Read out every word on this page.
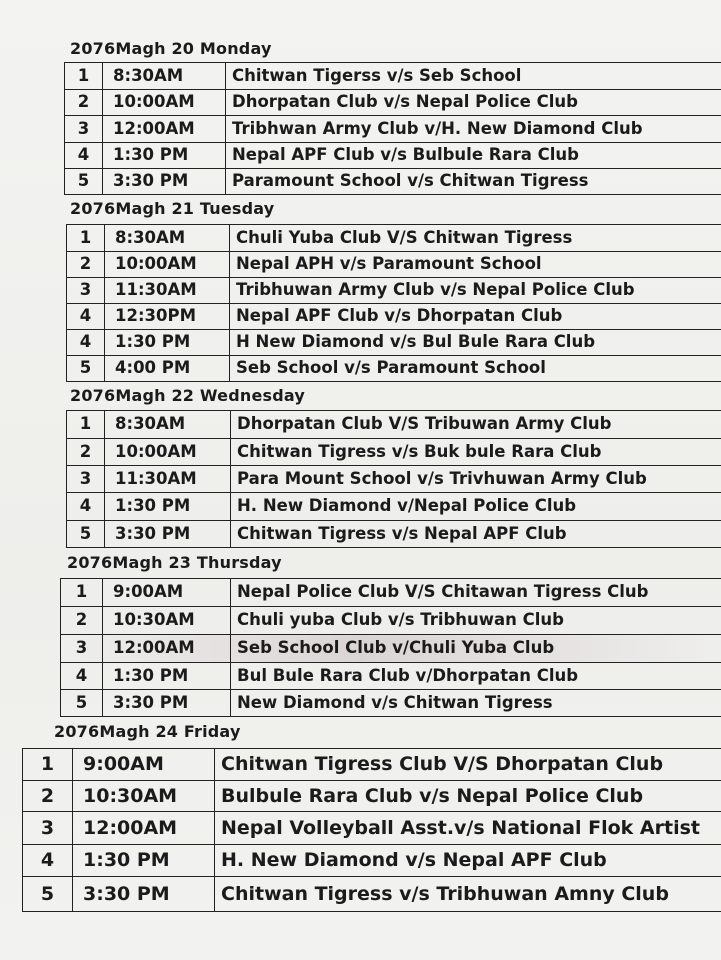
2076Magh 20 Monday
1	8:30AM	Chitwan Tigerss v/s Seb School
2	10:00AM	Dhorpatan Club v/s Nepal Police Club
3	12:00AM	Tribhwan Army Club v/H. New Diamond Club
4	1:30 PM	Nepal APF Club v/s Bulbule Rara Club
5	3:30 PM	Paramount School v/s Chitwan Tigress
2076Magh 21 Tuesday
1	8:30AM	Chuli Yuba Club V/S Chitwan Tigress
2	10:00AM	Nepal APH v/s Paramount School
3	11:30AM	Tribhuwan Army Club v/s Nepal Police Club
4	12:30PM	Nepal APF Club v/s Dhorpatan Club
4	1:30 PM	H New Diamond v/s Bul Bule Rara Club
5	4:00 PM	Seb School v/s Paramount School
2076Magh 22 Wednesday
1	8:30AM	Dhorpatan Club V/S Tribuwan Army Club
2	10:00AM	Chitwan Tigress v/s Buk bule Rara Club
3	11:30AM	Para Mount School v/s Trivhuwan Army Club
4	1:30 PM	H. New Diamond v/Nepal Police Club
5	3:30 PM	Chitwan Tigress v/s Nepal APF Club
2076Magh 23 Thursday
1	9:00AM	Nepal Police Club V/S Chitawan Tigress Club
2	10:30AM	Chuli yuba Club v/s Tribhuwan Club
3	12:00AM	Seb School Club v/Chuli Yuba Club
4	1:30 PM	Bul Bule Rara Club v/Dhorpatan Club
5	3:30 PM	New Diamond v/s Chitwan Tigress
2076Magh 24 Friday
1	9:00AM	Chitwan Tigress Club V/S Dhorpatan Club
2	10:30AM	Bulbule Rara Club v/s Nepal Police Club
3	12:00AM	Nepal Volleyball Asst.v/s National Flok Artist
4	1:30 PM	H. New Diamond v/s Nepal APF Club
5	3:30 PM	Chitwan Tigress v/s Tribhuwan Amny Club
